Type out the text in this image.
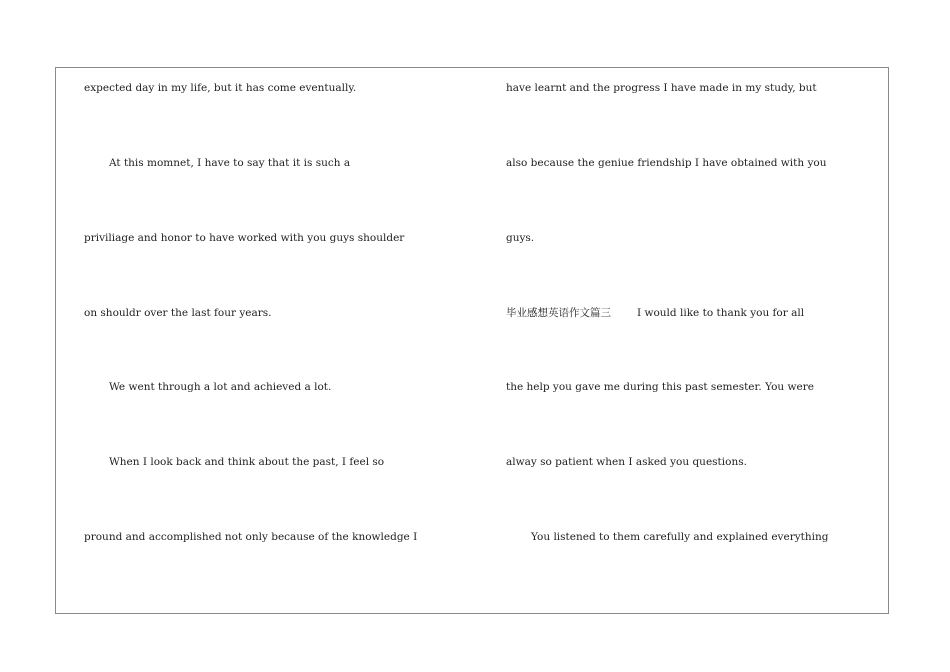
expected day in my life, but it has come eventually.
At this momnet, I have to say that it is such a
priviliage and honor to have worked with you guys shoulder
on shouldr over the last four years.
We went through a lot and achieved a lot.
When I look back and think about the past, I feel so
pround and accomplished not only because of the knowledge I
have learnt and the progress I have made in my study, but
also because the geniue friendship I have obtained with you
guys.
毕业感想英语作文篇三 I would like to thank you for all
the help you gave me during this past semester. You were
alway so patient when I asked you questions.
You listened to them carefully and explained everything
